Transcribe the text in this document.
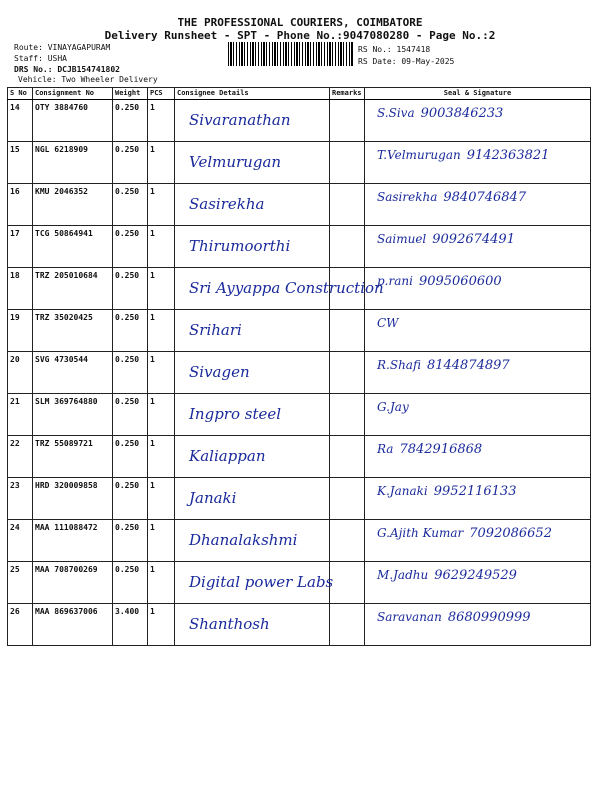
THE PROFESSIONAL COURIERS, COIMBATORE
Delivery Runsheet - SPT - Phone No.:9047080280 - Page No.:2
Route: VINAYAGAPURAM
Staff: USHA
DRS No.: DCJB154741802
Vehicle: Two Wheeler Delivery
RS No.: 1547418
RS Date: 09-May-2025
S No	Consignment No	Weight	PCS	Consignee Details	Remarks	Seal & Signature
14	OTY 3884760	0.250	1	Sivaranathan		S.Siva 9003846233

15	NGL 6218909	0.250	1	Velmurugan		T.Velmurugan 9142363821

16	KMU 2046352	0.250	1	Sasirekha		Sasirekha 9840746847

17	TCG 50864941	0.250	1	Thirumoorthi		Saimuel 9092674491

18	TRZ 205010684	0.250	1	Sri Ayyappa Construction		p.rani 9095060600

19	TRZ 35020425	0.250	1	Srihari		CW

20	SVG 4730544	0.250	1	Sivagen		R.Shafi 8144874897

21	SLM 369764880	0.250	1	Ingpro steel		G.Jay

22	TRZ 55089721	0.250	1	Kaliappan		Ra 7842916868

23	HRD 320009858	0.250	1	Janaki		K.Janaki 9952116133

24	MAA 111088472	0.250	1	Dhanalakshmi		G.Ajith Kumar 7092086652

25	MAA 708700269	0.250	1	Digital power Labs		M.Jadhu 9629249529

26	MAA 869637006	3.400	1	Shanthosh		Saravanan 8680990999
